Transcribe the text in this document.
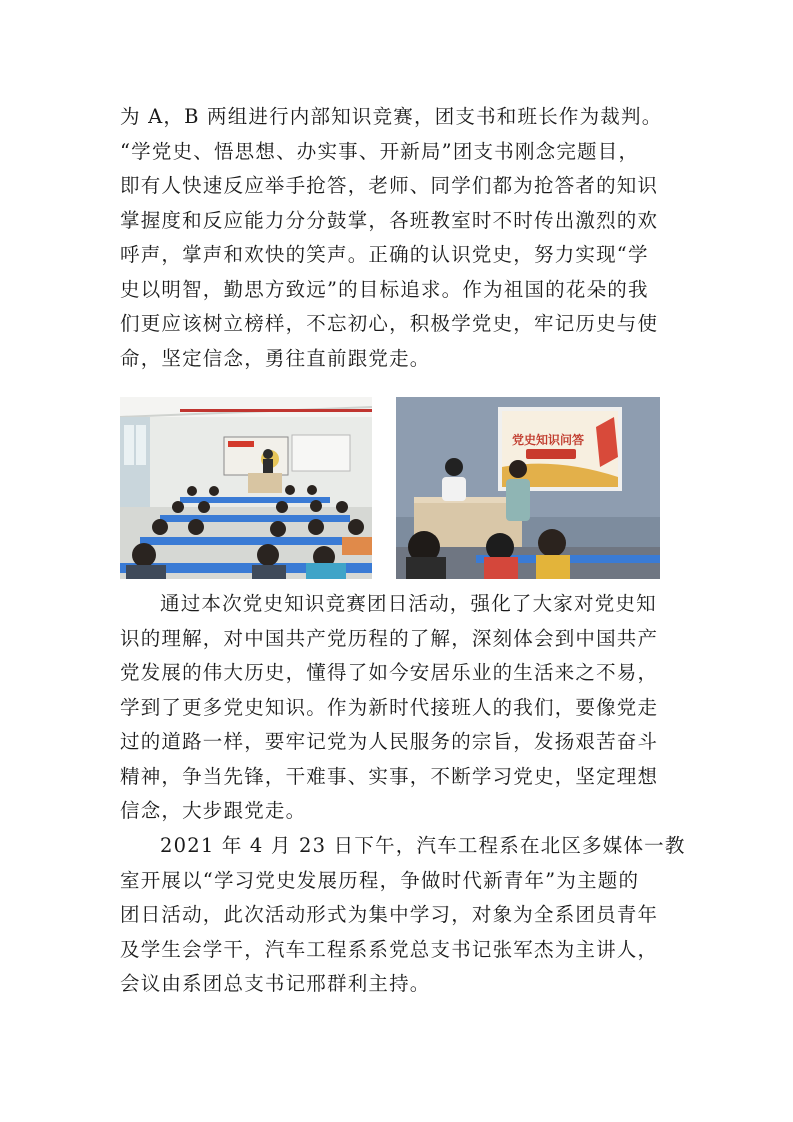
为 A，B 两组进行内部知识竞赛，团支书和班长作为裁判。
“学党史、悟思想、办实事、开新局”团支书刚念完题目，
即有人快速反应举手抢答，老师、同学们都为抢答者的知识
掌握度和反应能力分分鼓掌，各班教室时不时传出激烈的欢
呼声，掌声和欢快的笑声。正确的认识党史，努力实现“学
史以明智，勤思方致远”的目标追求。作为祖国的花朵的我
们更应该树立榜样，不忘初心，积极学党史，牢记历史与使
命，坚定信念，勇往直前跟党走。

党史知识问答

通过本次党史知识竞赛团日活动，强化了大家对党史知
识的理解，对中国共产党历程的了解，深刻体会到中国共产
党发展的伟大历史，懂得了如今安居乐业的生活来之不易，
学到了更多党史知识。作为新时代接班人的我们，要像党走
过的道路一样，要牢记党为人民服务的宗旨，发扬艰苦奋斗
精神，争当先锋，干难事、实事，不断学习党史，坚定理想
信念，大步跟党走。

2021 年 4 月 23 日下午，汽车工程系在北区多媒体一教
室开展以“学习党史发展历程，争做时代新青年”为主题的
团日活动，此次活动形式为集中学习，对象为全系团员青年
及学生会学干，汽车工程系系党总支书记张军杰为主讲人，
会议由系团总支书记邢群利主持。
